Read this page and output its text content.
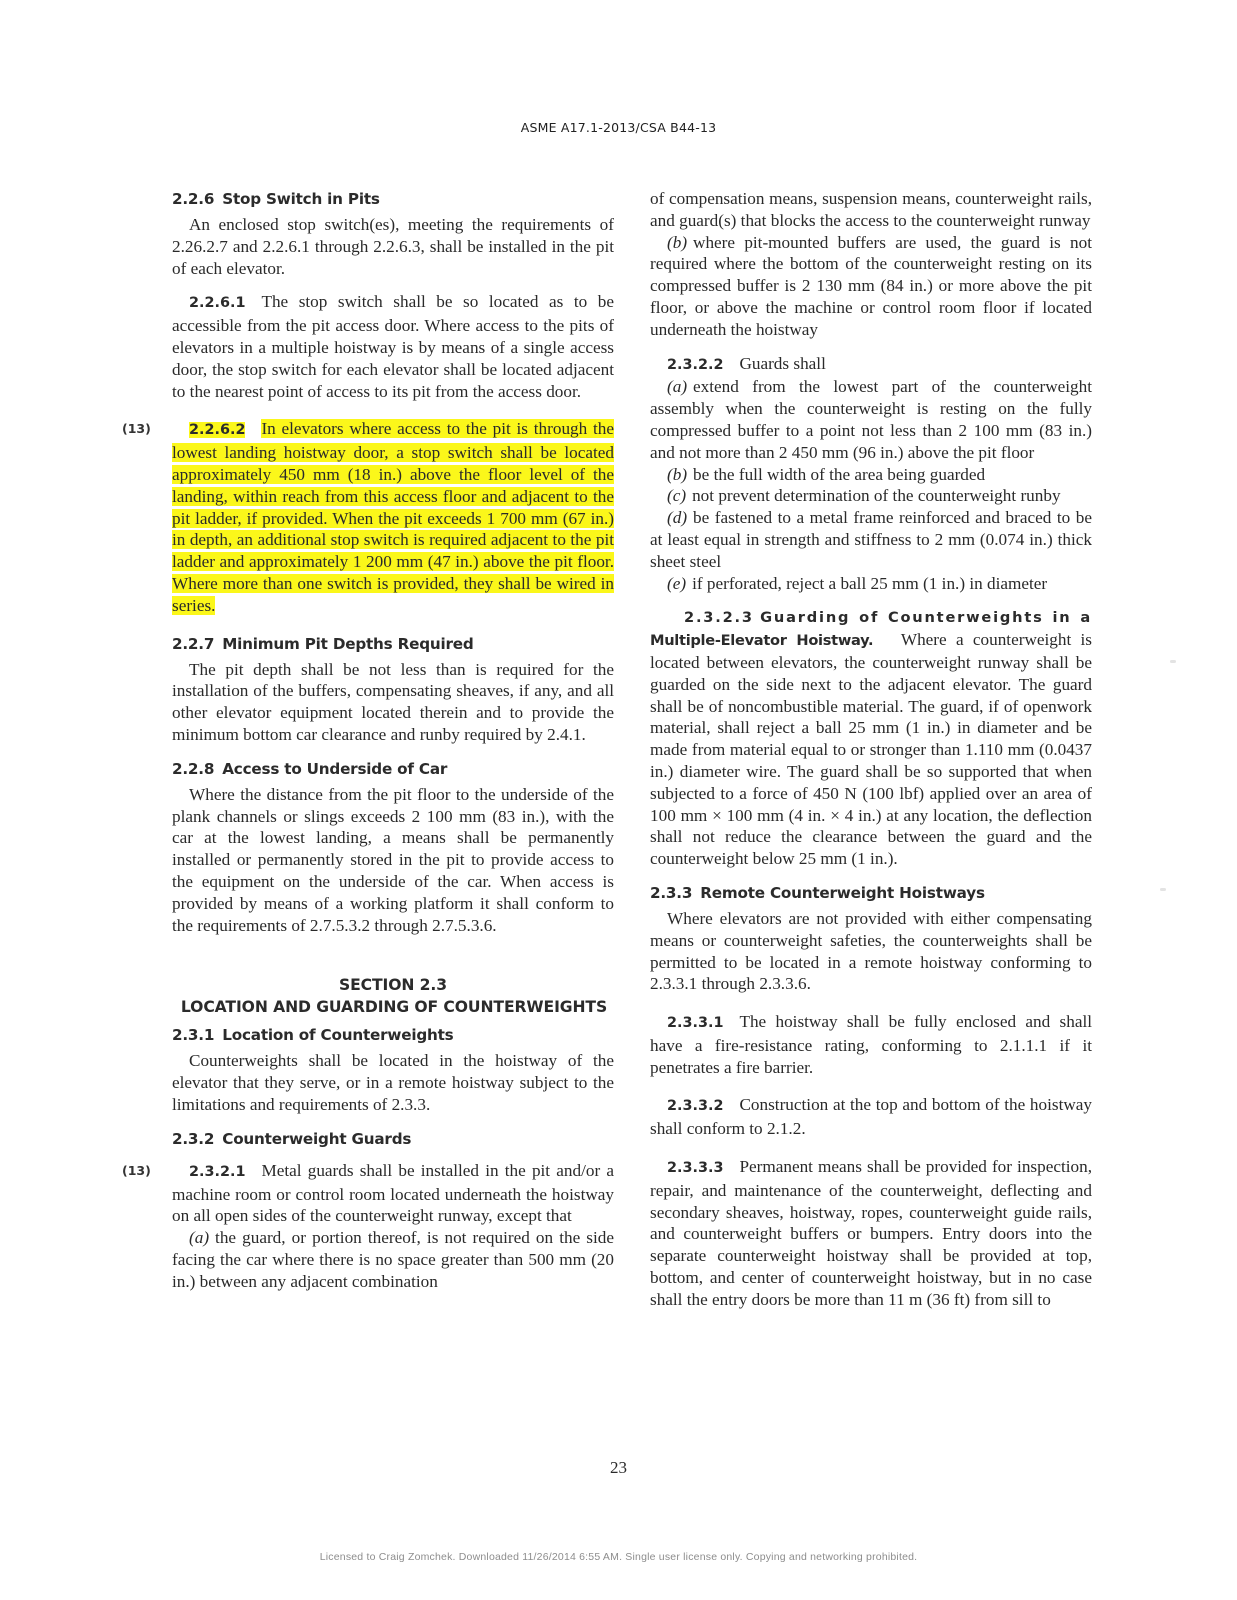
ASME A17.1-2013/CSA B44-13
2.2.6 Stop Switch in Pits

An enclosed stop switch(es), meeting the requirements of 2.26.2.7 and 2.2.6.1 through 2.2.6.3, shall be installed in the pit of each elevator.

2.2.6.1 The stop switch shall be so located as to be accessible from the pit access door. Where access to the pits of elevators in a multiple hoistway is by means of a single access door, the stop switch for each elevator shall be located adjacent to the nearest point of access to its pit from the access door.

(13)	2.2.6.2 In elevators where access to the pit is through the lowest landing hoistway door, a stop switch shall be located approximately 450 mm (18 in.) above the floor level of the landing, within reach from this access floor and adjacent to the pit ladder, if provided. When the pit exceeds 1 700 mm (67 in.) in depth, an additional stop switch is required adjacent to the pit ladder and approximately 1 200 mm (47 in.) above the pit floor. Where more than one switch is provided, they shall be wired in series.

2.2.7 Minimum Pit Depths Required

The pit depth shall be not less than is required for the installation of the buffers, compensating sheaves, if any, and all other elevator equipment located therein and to provide the minimum bottom car clearance and runby required by 2.4.1.

2.2.8 Access to Underside of Car

Where the distance from the pit floor to the underside of the plank channels or slings exceeds 2 100 mm (83 in.), with the car at the lowest landing, a means shall be permanently installed or permanently stored in the pit to provide access to the equipment on the underside of the car. When access is provided by means of a working platform it shall conform to the requirements of 2.7.5.3.2 through 2.7.5.3.6.

SECTION 2.3
LOCATION AND GUARDING OF COUNTERWEIGHTS
2.3.1 Location of Counterweights

Counterweights shall be located in the hoistway of the elevator that they serve, or in a remote hoistway subject to the limitations and requirements of 2.3.3.

2.3.2 Counterweight Guards
(13)	2.3.2.1 Metal guards shall be installed in the pit and/or a machine room or control room located underneath the hoistway on all open sides of the counterweight runway, except that

(a) the guard, or portion thereof, is not required on the side facing the car where there is no space greater than 500 mm (20 in.) between any adjacent combination

of compensation means, suspension means, counterweight rails, and guard(s) that blocks the access to the counterweight runway

(b) where pit-mounted buffers are used, the guard is not required where the bottom of the counterweight resting on its compressed buffer is 2 130 mm (84 in.) or more above the pit floor, or above the machine or control room floor if located underneath the hoistway

2.3.2.2 Guards shall

(a) extend from the lowest part of the counterweight assembly when the counterweight is resting on the fully compressed buffer to a point not less than 2 100 mm (83 in.) and not more than 2 450 mm (96 in.) above the pit floor

(b) be the full width of the area being guarded

(c) not prevent determination of the counterweight runby

(d) be fastened to a metal frame reinforced and braced to be at least equal in strength and stiffness to 2 mm (0.074 in.) thick sheet steel

(e) if perforated, reject a ball 25 mm (1 in.) in diameter

2.3.2.3 Guarding of Counterweights in a Multiple-Elevator Hoistway. Where a counterweight is located between elevators, the counterweight runway shall be guarded on the side next to the adjacent elevator. The guard shall be of noncombustible material. The guard, if of openwork material, shall reject a ball 25 mm (1 in.) in diameter and be made from material equal to or stronger than 1.110 mm (0.0437 in.) diameter wire. The guard shall be so supported that when subjected to a force of 450 N (100 lbf) applied over an area of 100 mm × 100 mm (4 in. × 4 in.) at any location, the deflection shall not reduce the clearance between the guard and the counterweight below 25 mm (1 in.).

2.3.3 Remote Counterweight Hoistways

Where elevators are not provided with either compensating means or counterweight safeties, the counterweights shall be permitted to be located in a remote hoistway conforming to 2.3.3.1 through 2.3.3.6.

2.3.3.1 The hoistway shall be fully enclosed and shall have a fire-resistance rating, conforming to 2.1.1.1 if it penetrates a fire barrier.

2.3.3.2 Construction at the top and bottom of the hoistway shall conform to 2.1.2.

2.3.3.3 Permanent means shall be provided for inspection, repair, and maintenance of the counterweight, deflecting and secondary sheaves, hoistway, ropes, counterweight guide rails, and counterweight buffers or bumpers. Entry doors into the separate counterweight hoistway shall be provided at top, bottom, and center of counterweight hoistway, but in no case shall the entry doors be more than 11 m (36 ft) from sill to

23
Licensed to Craig Zomchek. Downloaded 11/26/2014 6:55 AM. Single user license only. Copying and networking prohibited.
